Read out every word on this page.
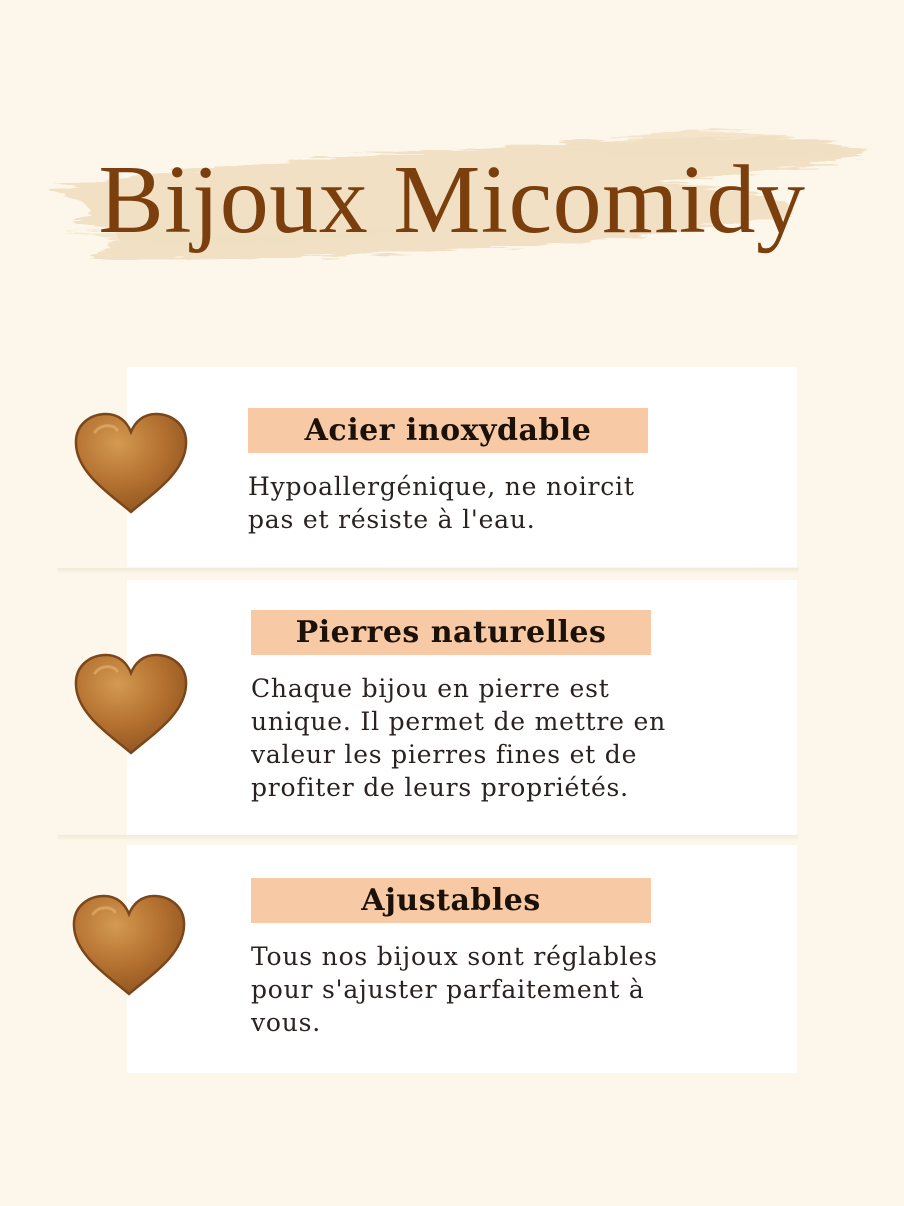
Bijoux Micomidy
Acier inoxydable
Hypoallergénique, ne noircit
pas et résiste à l'eau.
Pierres naturelles
Chaque bijou en pierre est
unique. Il permet de mettre en
valeur les pierres fines et de
profiter de leurs propriétés.
Ajustables
Tous nos bijoux sont réglables
pour s'ajuster parfaitement à
vous.
